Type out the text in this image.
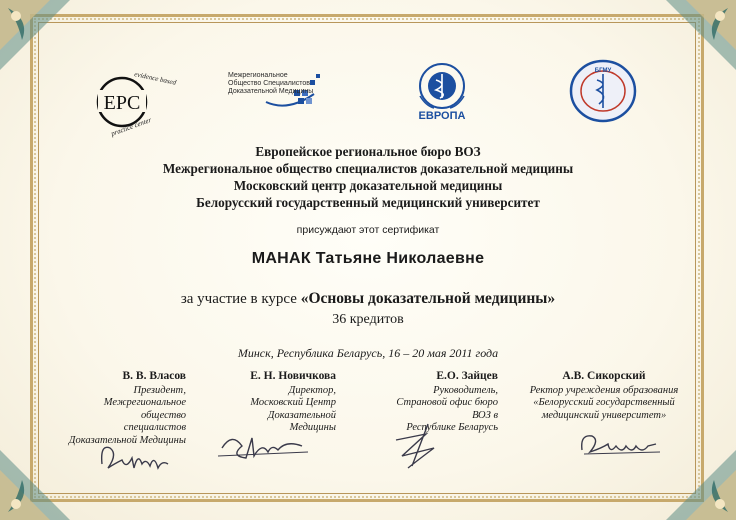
EPC
evidence based
practice center
Межрегиональное
Общество Специалистов
Доказательной Медицины
ЕВРОПА
БГМУ
Европейское региональное бюро ВОЗ
Межрегиональное общество специалистов доказательной медицины
Московский центр доказательной медицины
Белорусский государственный медицинский университет
присуждают этот сертификат
МАНАК Татьяне Николаевне
за участие в курсе «Основы доказательной медицины»
36 кредитов
Минск, Республика Беларусь, 16 – 20 мая 2011 года
В. В. Власов
Президент,
Межрегиональное общество
специалистов
Доказательной Медицины
Е. Н. Новичкова
Директор,
Московский Центр
Доказательной Медицины
Е.О. Зайцев
Руководитель,
Страновой офис бюро ВОЗ в
Республике Беларусь
А.В. Сикорский
Ректор учреждения образования
«Белорусский государственный
медицинский университет»
